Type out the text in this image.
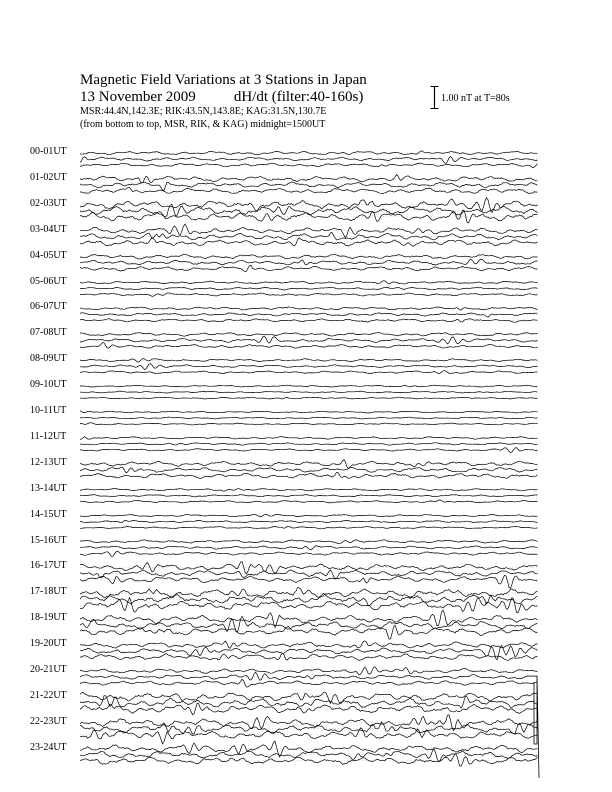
Magnetic Field Variations at 3 Stations in Japan
13 November 2009	dH/dt (filter:40-160s)
MSR:44.4N,142.3E; RIK:43.5N,143.8E; KAG:31.5N,130.7E
(from bottom to top, MSR, RIK, & KAG) midnight=1500UT
1.00 nT at T=80s
00-01UT
01-02UT
02-03UT
03-04UT
04-05UT
05-06UT
06-07UT
07-08UT
08-09UT
09-10UT
10-11UT
11-12UT
12-13UT
13-14UT
14-15UT
15-16UT
16-17UT
17-18UT
18-19UT
19-20UT
20-21UT
21-22UT
22-23UT
23-24UT
